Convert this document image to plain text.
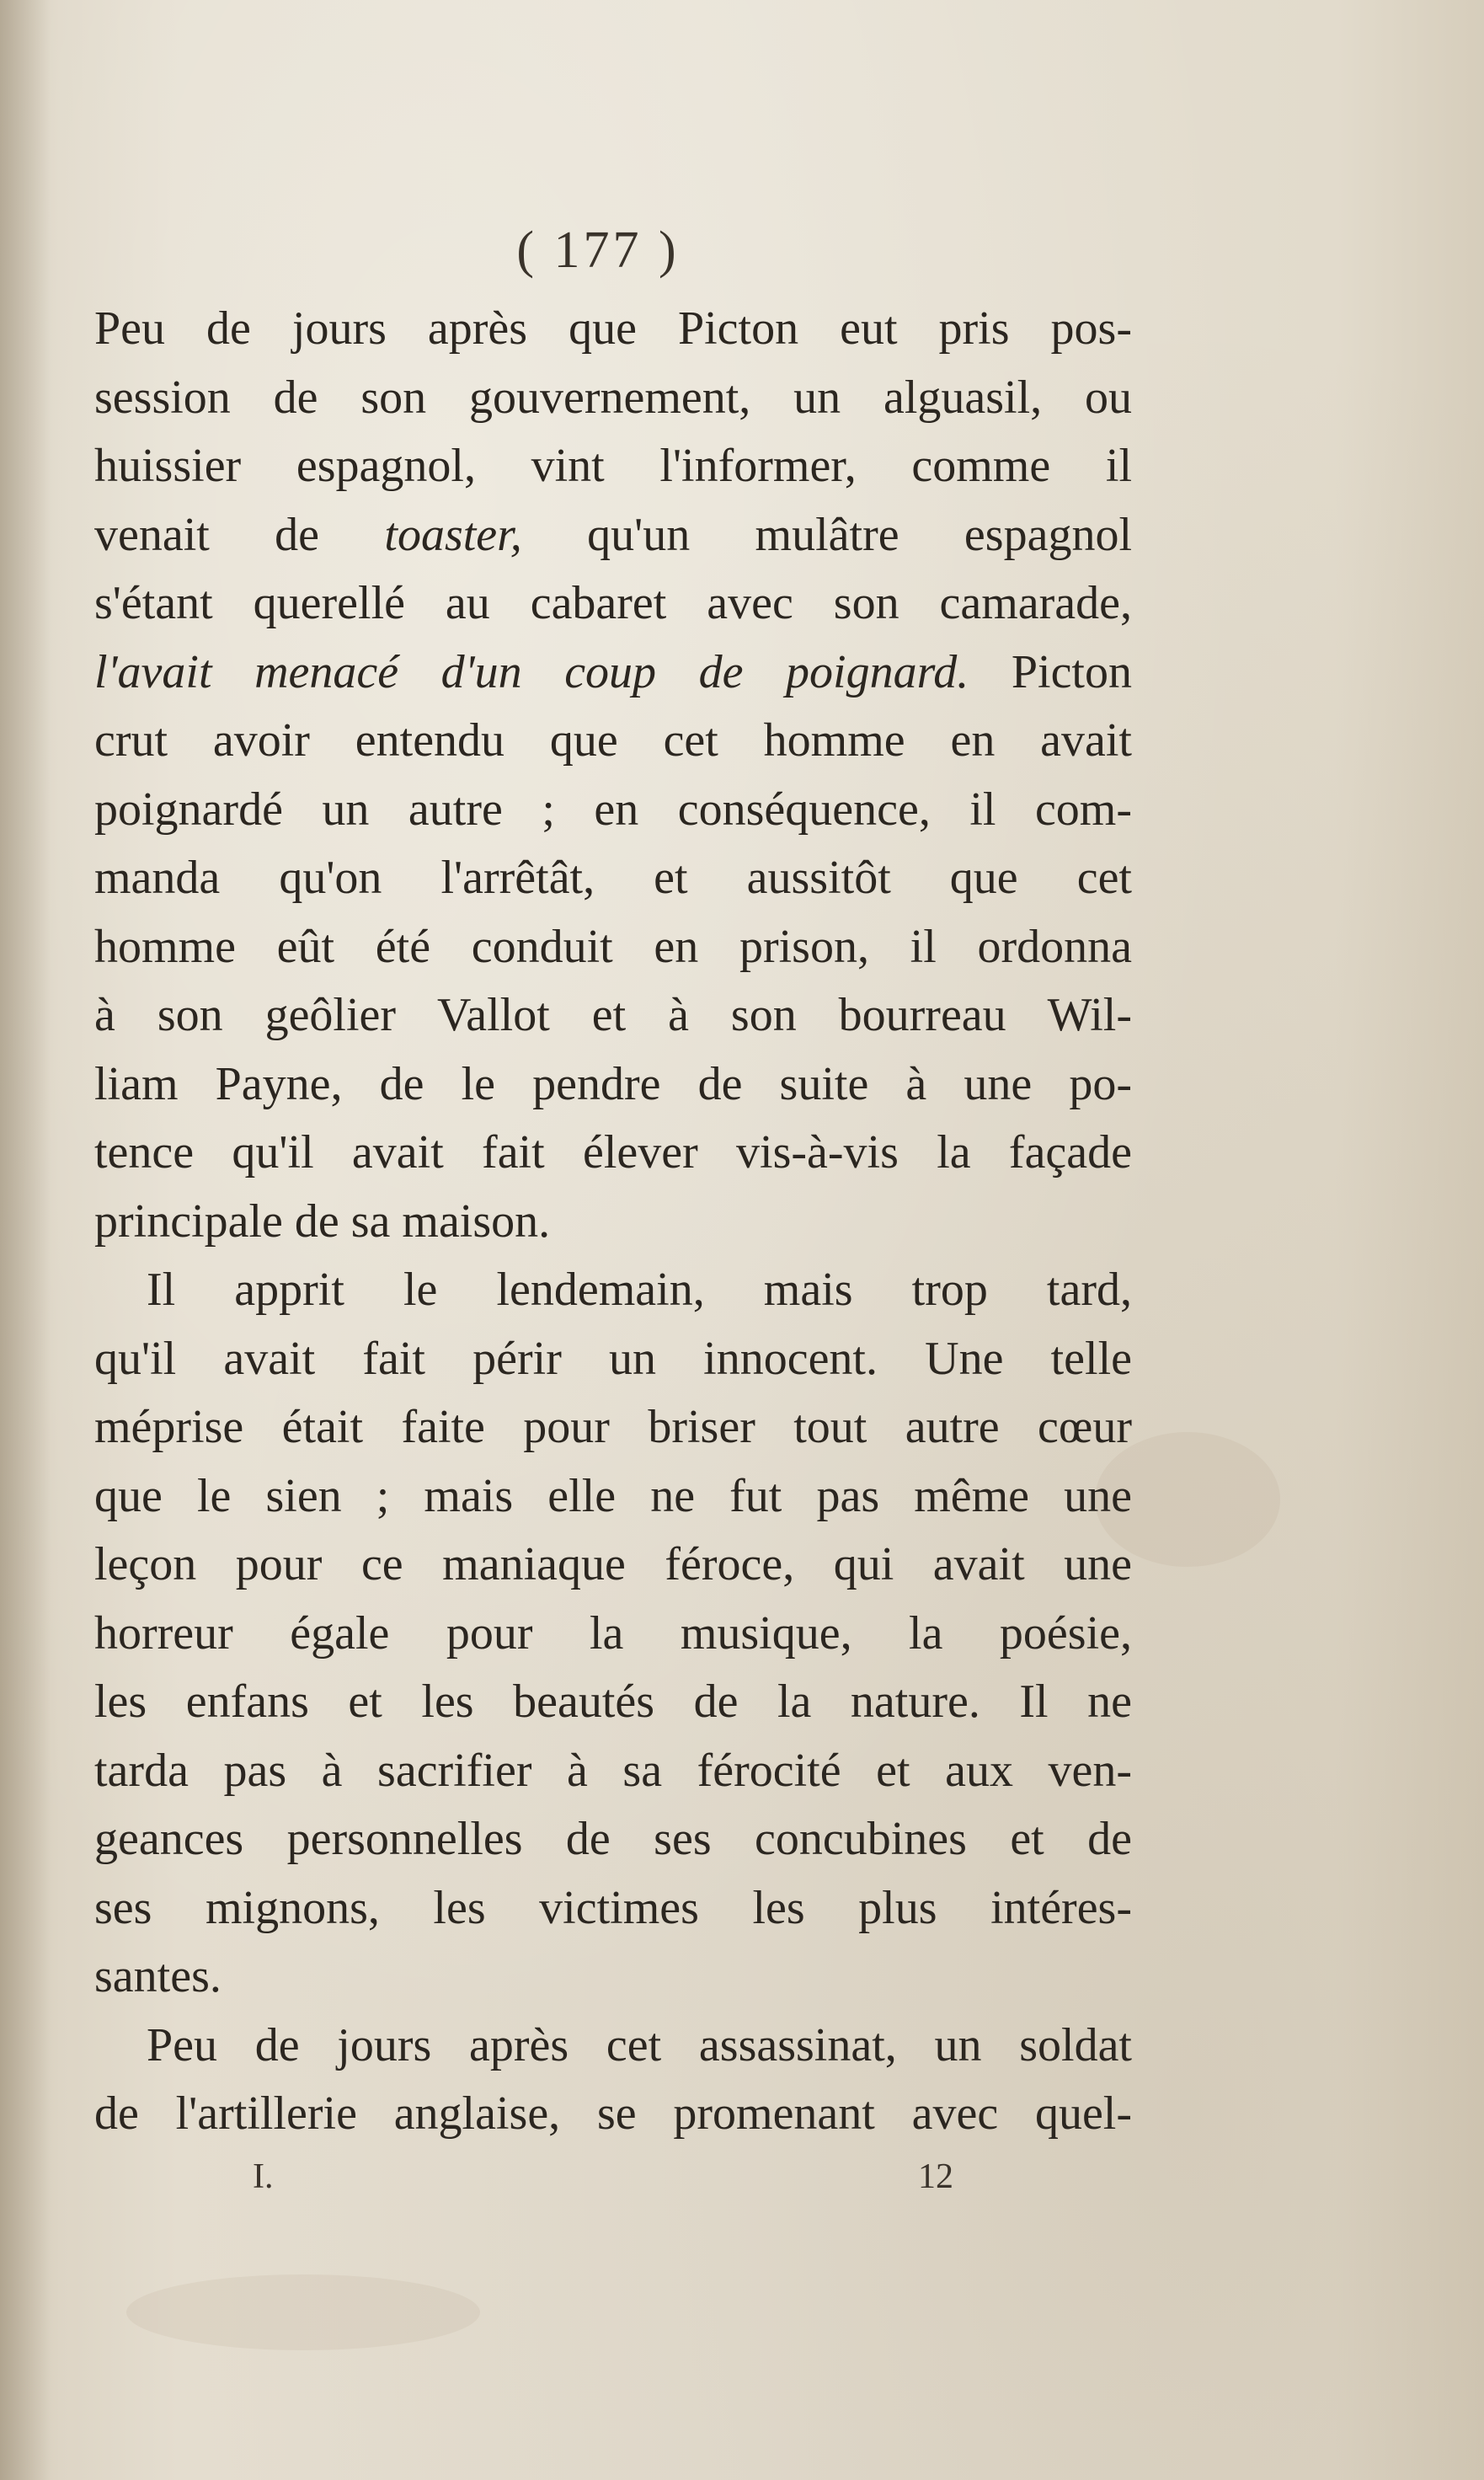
( 177 )
Peu de jours après que Picton eut pris pos-
session de son gouvernement, un alguasil, ou
huissier espagnol, vint l'informer, comme il
venait de toaster, qu'un mulâtre espagnol
s'étant querellé au cabaret avec son camarade,
l'avait menacé d'un coup de poignard. Picton
crut avoir entendu que cet homme en avait
poignardé un autre ; en conséquence, il com-
manda qu'on l'arrêtât, et aussitôt que cet
homme eût été conduit en prison, il ordonna
à son geôlier Vallot et à son bourreau Wil-
liam Payne, de le pendre de suite à une po-
tence qu'il avait fait élever vis-à-vis la façade
principale de sa maison.
Il apprit le lendemain, mais trop tard,
qu'il avait fait périr un innocent. Une telle
méprise était faite pour briser tout autre cœur
que le sien ; mais elle ne fut pas même une
leçon pour ce maniaque féroce, qui avait une
horreur égale pour la musique, la poésie,
les enfans et les beautés de la nature. Il ne
tarda pas à sacrifier à sa férocité et aux ven-
geances personnelles de ses concubines et de
ses mignons, les victimes les plus intéres-
santes.
Peu de jours après cet assassinat, un soldat
de l'artillerie anglaise, se promenant avec quel-
I.	12
